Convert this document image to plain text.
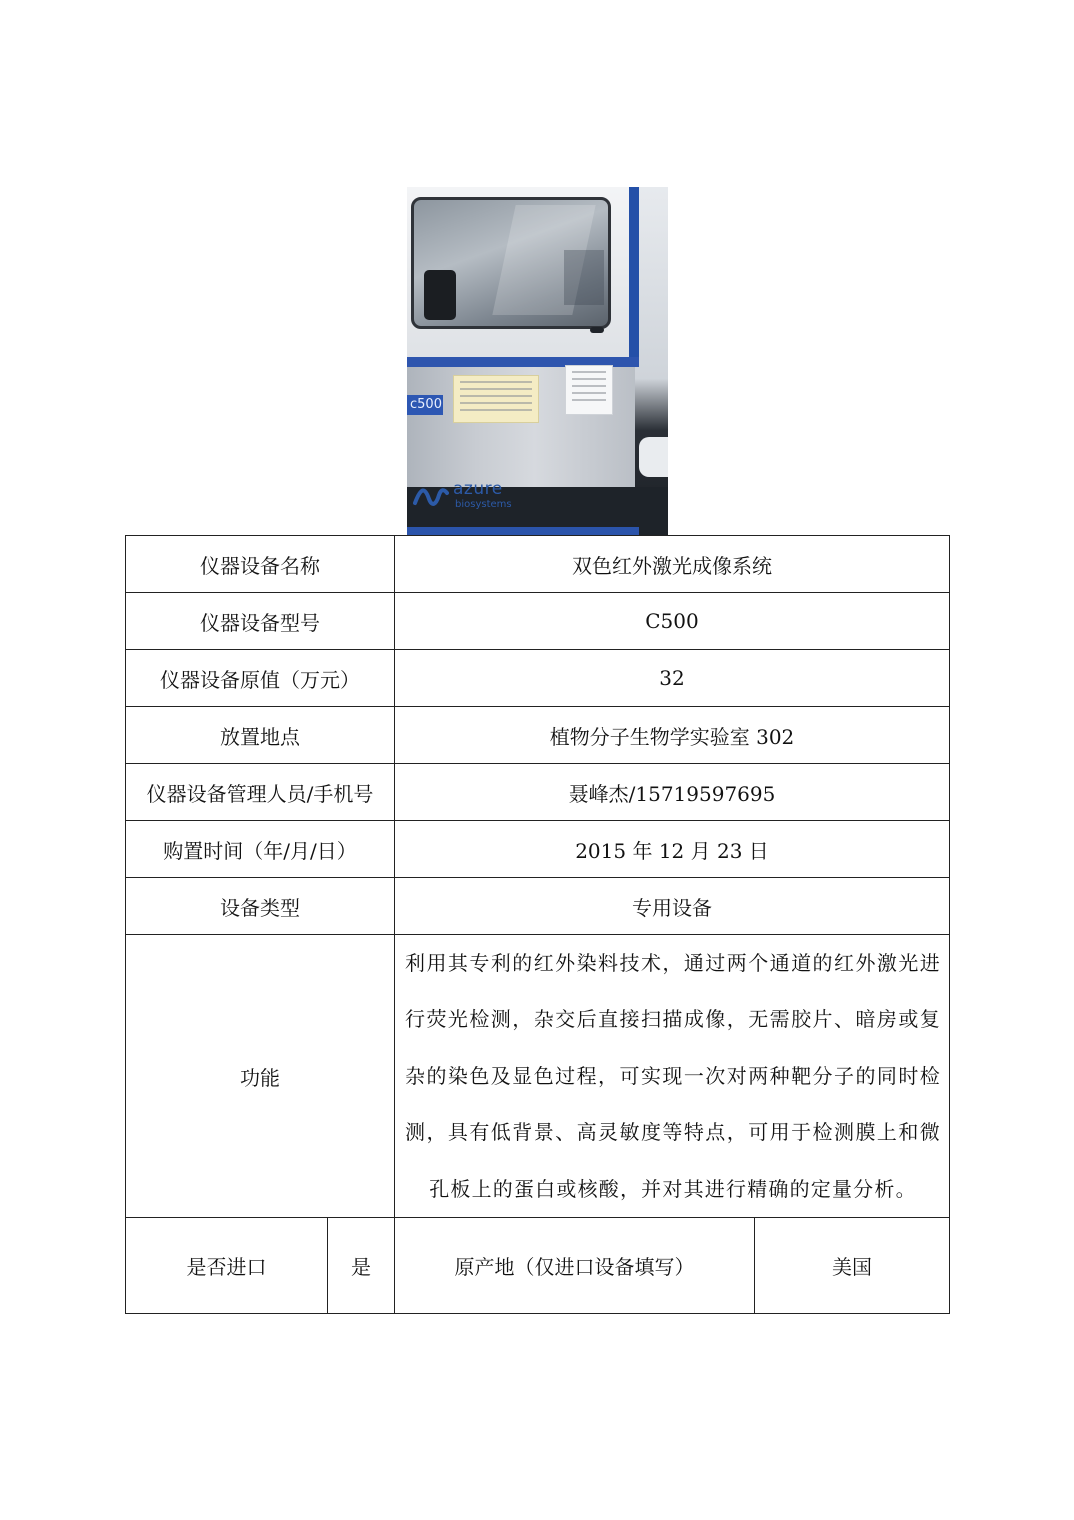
c500
azure
biosystems
仪器设备名称		双色红外激光成像系统	
仪器设备型号		C500	
仪器设备原值（万元）		32	
放置地点		植物分子生物学实验室 302	
仪器设备管理人员/手机号		聂峰杰/15719597695	
购置时间（年/月/日）		2015 年 12 月 23 日	
设备类型		专用设备	
功能		利用其专利的红外染料技术，通过两个通道的红外激光进行荧光检测，杂交后直接扫描成像，无需胶片、暗房或复杂的染色及显色过程，可实现一次对两种靶分子的同时检测，具有低背景、高灵敏度等特点，可用于检测膜上和微孔板上的蛋白或核酸，并对其进行精确的定量分析。	

是否进口	是	原产地（仅进口设备填写）	美国
